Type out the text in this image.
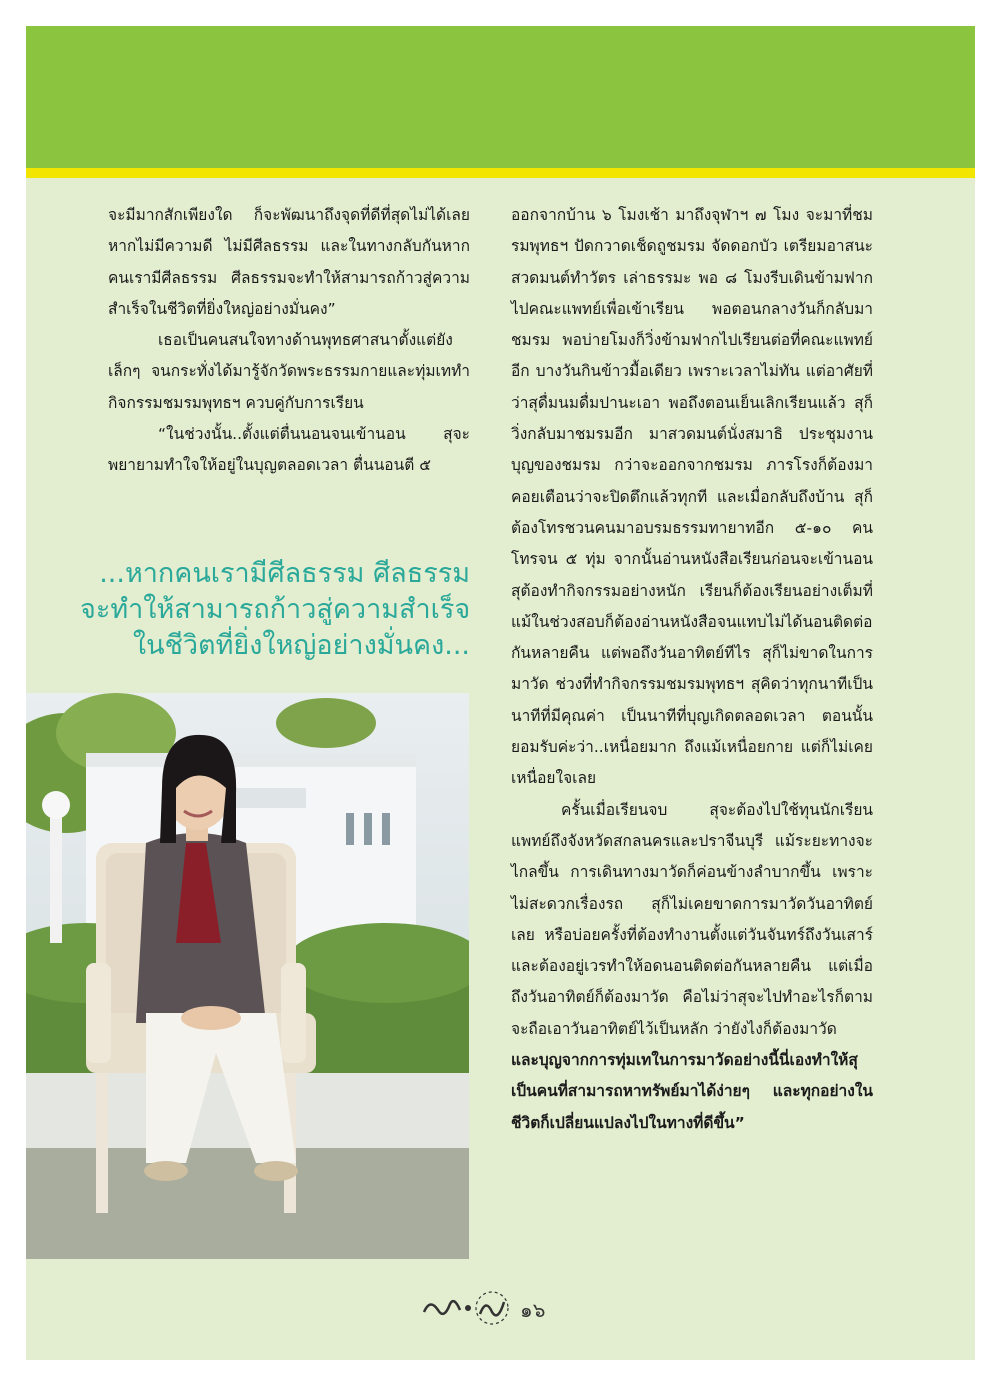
จะมีมากสักเพียงใด ก็จะพัฒนาถึงจุดที่ดีที่สุดไม่ได้เลย หากไม่มีความดี ไม่มีศีลธรรม และในทางกลับกันหากคนเรามีศีลธรรม ศีลธรรมจะทำให้สามารถก้าวสู่ความสำเร็จในชีวิตที่ยิ่งใหญ่อย่างมั่นคง”

เธอเป็นคนสนใจทางด้านพุทธศาสนาตั้งแต่ยังเล็กๆ จนกระทั่งได้มารู้จักวัดพระธรรมกายและทุ่มเททำกิจกรรมชมรมพุทธฯ ควบคู่กับการเรียน

“ในช่วงนั้น..ตั้งแต่ตื่นนอนจนเข้านอน สุจะพยายามทำใจให้อยู่ในบุญตลอดเวลา ตื่นนอนตี ๕

...หากคนเรามีศีลธรรม ศีลธรรม

จะทำให้สามารถก้าวสู่ความสำเร็จ

ในชีวิตที่ยิ่งใหญ่อย่างมั่นคง...

ออกจากบ้าน ๖ โมงเช้า มาถึงจุฬาฯ ๗ โมง จะมาที่ชมรมพุทธฯ ปัดกวาดเช็ดถูชมรม จัดดอกบัว เตรียมอาสนะ สวดมนต์ทำวัตร เล่าธรรมะ พอ ๘ โมงรีบเดินข้ามฟากไปคณะแพทย์เพื่อเข้าเรียน พอตอนกลางวันก็กลับมาชมรม พอบ่ายโมงก็วิ่งข้ามฟากไปเรียนต่อที่คณะแพทย์อีก บางวันกินข้าวมื้อเดียว เพราะเวลาไม่ทัน แต่อาศัยที่ว่าสุดื่มนมดื่มปานะเอา พอถึงตอนเย็นเลิกเรียนแล้ว สุก็วิ่งกลับมาชมรมอีก มาสวดมนต์นั่งสมาธิ ประชุมงานบุญของชมรม กว่าจะออกจากชมรม ภารโรงก็ต้องมาคอยเตือนว่าจะปิดตึกแล้วทุกที และเมื่อกลับถึงบ้าน สุก็ต้องโทรชวนคนมาอบรมธรรมทายาทอีก ๕-๑๐ คน โทรจน ๕ ทุ่ม จากนั้นอ่านหนังสือเรียนก่อนจะเข้านอน สุต้องทำกิจกรรมอย่างหนัก เรียนก็ต้องเรียนอย่างเต็มที่ แม้ในช่วงสอบก็ต้องอ่านหนังสือจนแทบไม่ได้นอนติดต่อกันหลายคืน แต่พอถึงวันอาทิตย์ทีไร สุก็ไม่ขาดในการมาวัด ช่วงที่ทำกิจกรรมชมรมพุทธฯ สุคิดว่าทุกนาทีเป็นนาทีที่มีคุณค่า เป็นนาทีที่บุญเกิดตลอดเวลา ตอนนั้นยอมรับค่ะว่า..เหนื่อยมาก ถึงแม้เหนื่อยกาย แต่ก็ไม่เคยเหนื่อยใจเลย

ครั้นเมื่อเรียนจบ สุจะต้องไปใช้ทุนนักเรียนแพทย์ถึงจังหวัดสกลนครและปราจีนบุรี แม้ระยะทางจะไกลขึ้น การเดินทางมาวัดก็ค่อนข้างลำบากขึ้น เพราะไม่สะดวกเรื่องรถ สุก็ไม่เคยขาดการมาวัดวันอาทิตย์เลย หรือบ่อยครั้งที่ต้องทำงานตั้งแต่วันจันทร์ถึงวันเสาร์ และต้องอยู่เวรทำให้อดนอนติดต่อกันหลายคืน แต่เมื่อถึงวันอาทิตย์ก็ต้องมาวัด คือไม่ว่าสุจะไปทำอะไรก็ตาม จะถือเอาวันอาทิตย์ไว้เป็นหลัก ว่ายังไงก็ต้องมาวัด

และบุญจากการทุ่มเทในการมาวัดอย่างนี้นี่เองทำให้สุเป็นคนที่สามารถหาทรัพย์มาได้ง่ายๆ และทุกอย่างในชีวิตก็เปลี่ยนแปลงไปในทางที่ดีขึ้น”

๑๖
